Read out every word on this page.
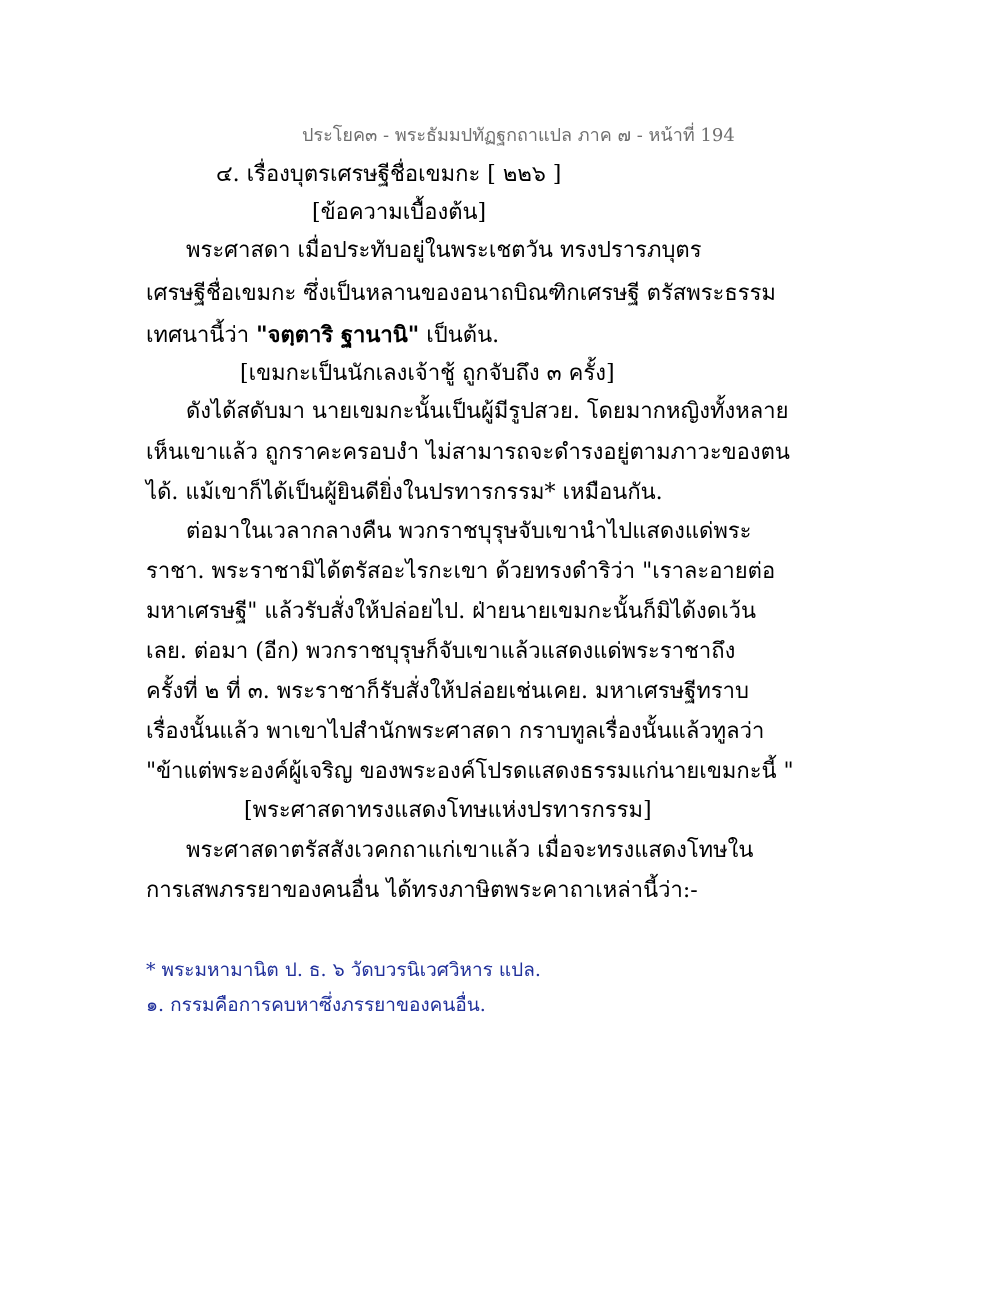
ประโยค๓ - พระธัมมปทัฏฐกถาแปล ภาค ๗ - หน้าที่ 194
๔. เรื่องบุตรเศรษฐีชื่อเขมกะ [ ๒๒๖ ]
[ข้อความเบื้องต้น]
พระศาสดา เมื่อประทับอยู่ในพระเชตวัน ทรงปรารภบุตร
เศรษฐีชื่อเขมกะ ซึ่งเป็นหลานของอนาถบิณฑิกเศรษฐี ตรัสพระธรรม
เทศนานี้ว่า "จตฺตาริ ฐานานิ" เป็นต้น.
[เขมกะเป็นนักเลงเจ้าชู้ ถูกจับถึง ๓ ครั้ง]
ดังได้สดับมา นายเขมกะนั้นเป็นผู้มีรูปสวย. โดยมากหญิงทั้งหลาย
เห็นเขาแล้ว ถูกราคะครอบงำ ไม่สามารถจะดำรงอยู่ตามภาวะของตน
ได้. แม้เขาก็ได้เป็นผู้ยินดียิ่งในปรทารกรรม* เหมือนกัน.
ต่อมาในเวลากลางคืน พวกราชบุรุษจับเขานำไปแสดงแด่พระ
ราชา. พระราชามิได้ตรัสอะไรกะเขา ด้วยทรงดำริว่า "เราละอายต่อ
มหาเศรษฐี" แล้วรับสั่งให้ปล่อยไป. ฝ่ายนายเขมกะนั้นก็มิได้งดเว้น
เลย. ต่อมา (อีก) พวกราชบุรุษก็จับเขาแล้วแสดงแด่พระราชาถึง
ครั้งที่ ๒ ที่ ๓. พระราชาก็รับสั่งให้ปล่อยเช่นเคย. มหาเศรษฐีทราบ
เรื่องนั้นแล้ว พาเขาไปสำนักพระศาสดา กราบทูลเรื่องนั้นแล้วทูลว่า
"ข้าแต่พระองค์ผู้เจริญ ของพระองค์โปรดแสดงธรรมแก่นายเขมกะนี้ "
[พระศาสดาทรงแสดงโทษแห่งปรทารกรรม]
พระศาสดาตรัสสังเวคกถาแก่เขาแล้ว เมื่อจะทรงแสดงโทษใน
การเสพภรรยาของคนอื่น ได้ทรงภาษิตพระคาถาเหล่านี้ว่า:-
* พระมหามานิต ป. ธ. ๖ วัดบวรนิเวศวิหาร แปล.
๑. กรรมคือการคบหาซึ่งภรรยาของคนอื่น.
